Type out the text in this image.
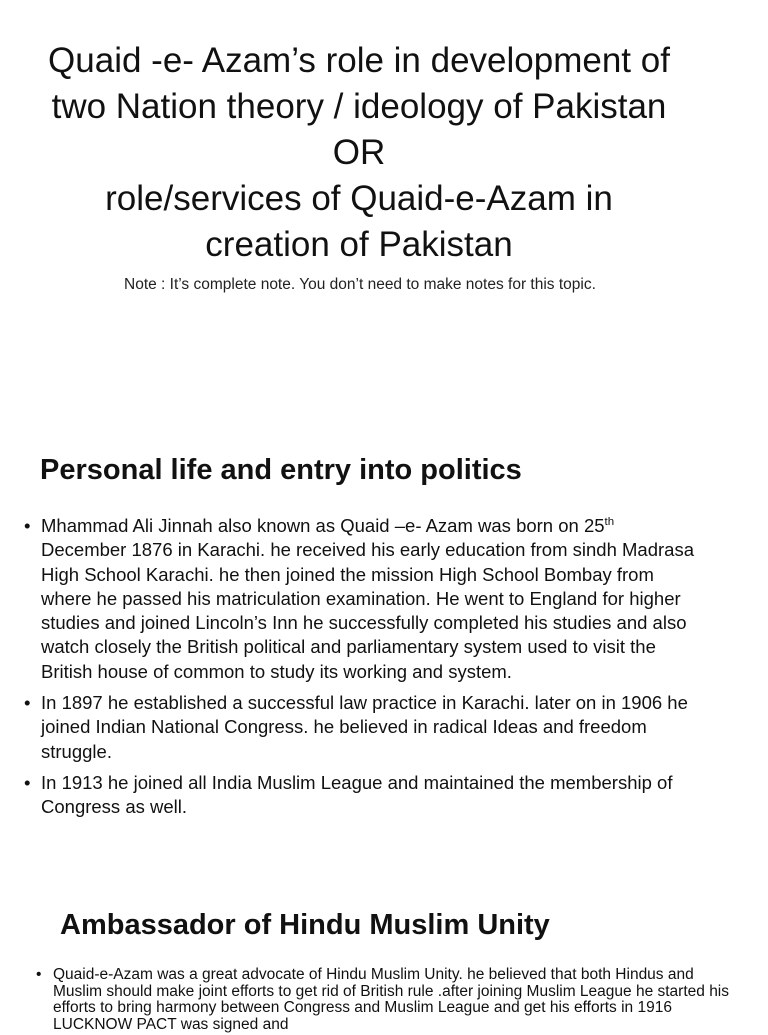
Quaid -e- Azam’s role in development of

two Nation theory / ideology of Pakistan

OR

role/services of Quaid-e-Azam in

creation of Pakistan

Note : It’s complete note. You don’t need to make notes for this topic.
Personal life and entry into politics
• Mhammad Ali Jinnah also known as Quaid –e- Azam was born on 25th December 1876 in Karachi. he received his early education from sindh Madrasa High School Karachi. he then joined the mission High School Bombay from where he passed his matriculation examination. He went to England for higher studies and joined Lincoln’s Inn he successfully completed his studies and also watch closely the British political and parliamentary system used to visit the British house of common to study its working and system.
• In 1897 he established a successful law practice in Karachi. later on in 1906 he joined Indian National Congress. he believed in radical Ideas and freedom struggle.
• In 1913 he joined all India Muslim League and maintained the membership of Congress as well.
Ambassador of Hindu Muslim Unity
• Quaid-e-Azam was a great advocate of Hindu Muslim Unity. he believed that both Hindus and Muslim should make joint efforts to get rid of British rule .after joining Muslim League he started his efforts to bring harmony between Congress and Muslim League and get his efforts in 1916 LUCKNOW PACT was signed and
